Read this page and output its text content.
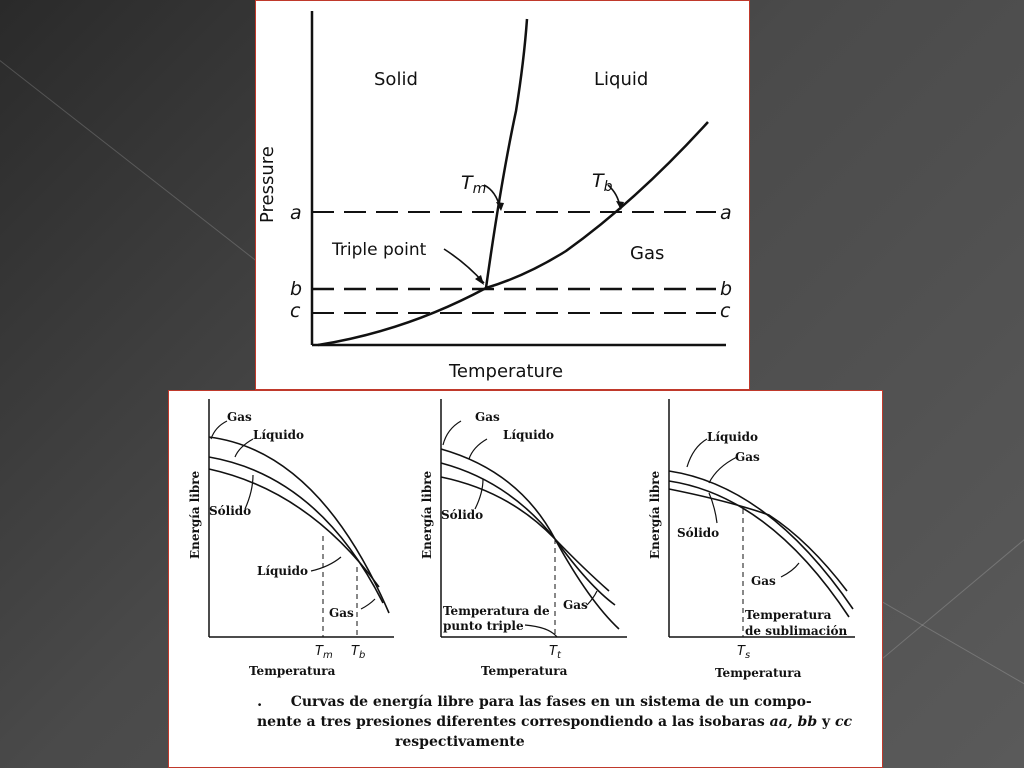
Solid	Liquid
Gas
Triple point
Temperature
Pressure	$T_m$	$T_b$
a	a
b	b
c	c
Gas
Líquido
Sólido
Líquido
Gas
$T_m$ $T_b$
Temperatura
Energía libre
Gas
Líquido
Sólido
Gas
Temperatura de
punto triple
$T_t$
Temperatura
Energía libre
Líquido
Gas
Sólido
Gas
Temperatura
de sublimación
$T_s$
Temperatura
Energía libre
. Curvas de energía libre para las fases en un sistema de un compo-
nente a tres presiones diferentes correspondiendo a las isobaras aa, bb y cc
respectivamente
